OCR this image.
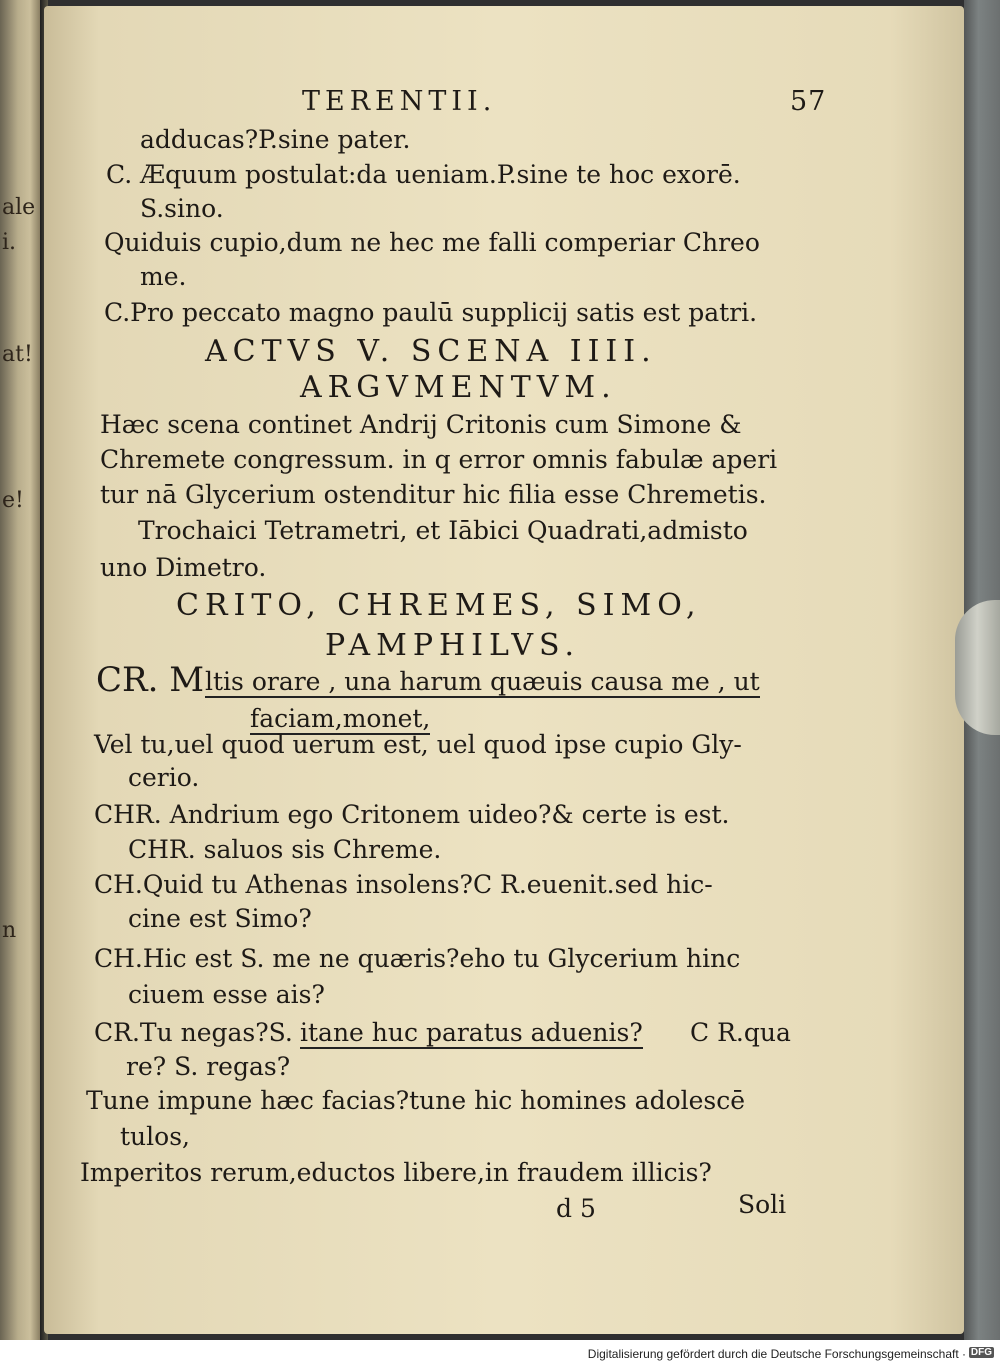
ale
i.
at!
e!
n
TERENTII.	57
adducas?P.sine pater.
C. Æquum postulat:da ueniam.P.sine te hoc exorē.
S.sino.
Quiduis cupio,dum ne hec me falli comperiar Chreo
me.
C.Pro peccato magno paulū supplicij satis est patri.
ACTVS V. SCENA IIII.
ARGVMENTVM.
Hæc scena continet Andrij Critonis cum Simone &
Chremete congressum. in q error omnis fabulæ aperi
tur nā Glycerium ostenditur hic filia esse Chremetis.
Trochaici Tetrametri, et Iābici Quadrati,admisto
uno Dimetro.
CRITO, CHREMES, SIMO,
PAMPHILVS.
CR. M ltis orare , una harum quæuis causa me , ut
faciam,monet,
Vel tu,uel quod uerum est, uel quod ipse cupio Gly-
cerio.
CHR. Andrium ego Critonem uideo?& certe is est.
CHR. saluos sis Chreme.
CH.Quid tu Athenas insolens?C R.euenit.sed hic-
cine est Simo?
CH.Hic est S. me ne quæris?eho tu Glycerium hinc
ciuem esse ais?
CR.Tu negas?S. itane huc paratus aduenis? C R.qua
re? S. regas?
Tune impune hæc facias?tune hic homines adolescē
tulos,
Imperitos rerum,eductos libere,in fraudem illicis?
d 5	Soli
Digitalisierung gefördert durch die Deutsche Forschungsgemeinschaft · DFG
